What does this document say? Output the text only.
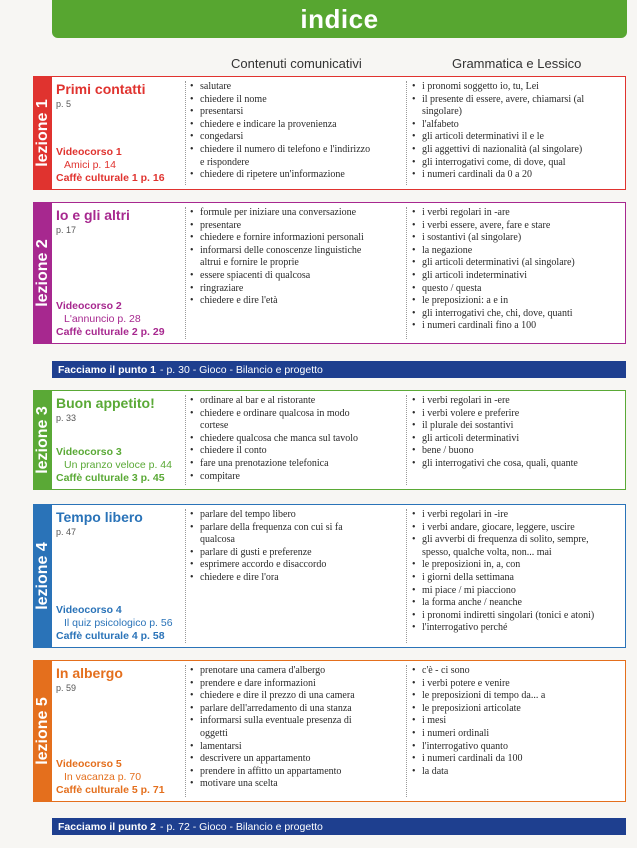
indice
Contenuti comunicativi	Grammatica e Lessico
lezione 1
Primi contatti
p. 5
Videocorso 1
Amici p. 14
Caffè culturale 1 p. 16
• salutare
• chiedere il nome
• presentarsi
• chiedere e indicare la provenienza
• congedarsi
• chiedere il numero di telefono e l'indirizzo
e rispondere
• chiedere di ripetere un'informazione
• i pronomi soggetto io, tu, Lei
• il presente di essere, avere, chiamarsi (al
singolare)
• l'alfabeto
• gli articoli determinativi il e le
• gli aggettivi di nazionalità (al singolare)
• gli interrogativi come, di dove, qual
• i numeri cardinali da 0 a 20
lezione 2
Io e gli altri
p. 17
Videocorso 2
L'annuncio p. 28
Caffè culturale 2 p. 29
• formule per iniziare una conversazione
• presentare
• chiedere e fornire informazioni personali
• informarsi delle conoscenze linguistiche
altrui e fornire le proprie
• essere spiacenti di qualcosa
• ringraziare
• chiedere e dire l'età
• i verbi regolari in -are
• i verbi essere, avere, fare e stare
• i sostantivi (al singolare)
• la negazione
• gli articoli determinativi (al singolare)
• gli articoli indeterminativi
• questo / questa
• le preposizioni: a e in
• gli interrogativi che, chi, dove, quanti
• i numeri cardinali fino a 100
Facciamo il punto 1 - p. 30 - Gioco - Bilancio e progetto
lezione 3
Buon appetito!
p. 33
Videocorso 3
Un pranzo veloce p. 44
Caffè culturale 3 p. 45
• ordinare al bar e al ristorante
• chiedere e ordinare qualcosa in modo
cortese
• chiedere qualcosa che manca sul tavolo
• chiedere il conto
• fare una prenotazione telefonica
• compitare
• i verbi regolari in -ere
• i verbi volere e preferire
• il plurale dei sostantivi
• gli articoli determinativi
• bene / buono
• gli interrogativi che cosa, quali, quante
lezione 4
Tempo libero
p. 47
Videocorso 4
Il quiz psicologico p. 56
Caffè culturale 4 p. 58
• parlare del tempo libero
• parlare della frequenza con cui si fa
qualcosa
• parlare di gusti e preferenze
• esprimere accordo e disaccordo
• chiedere e dire l'ora
• i verbi regolari in -ire
• i verbi andare, giocare, leggere, uscire
• gli avverbi di frequenza di solito, sempre,
spesso, qualche volta, non... mai
• le preposizioni in, a, con
• i giorni della settimana
• mi piace / mi piacciono
• la forma anche / neanche
• i pronomi indiretti singolari (tonici e atoni)
• l'interrogativo perché
lezione 5
In albergo
p. 59
Videocorso 5
In vacanza p. 70
Caffè culturale 5 p. 71
• prenotare una camera d'albergo
• prendere e dare informazioni
• chiedere e dire il prezzo di una camera
• parlare dell'arredamento di una stanza
• informarsi sulla eventuale presenza di
oggetti
• lamentarsi
• descrivere un appartamento
• prendere in affitto un appartamento
• motivare una scelta
• c'è - ci sono
• i verbi potere e venire
• le preposizioni di tempo da... a
• le preposizioni articolate
• i mesi
• i numeri ordinali
• l'interrogativo quanto
• i numeri cardinali da 100
• la data
Facciamo il punto 2 - p. 72 - Gioco - Bilancio e progetto
